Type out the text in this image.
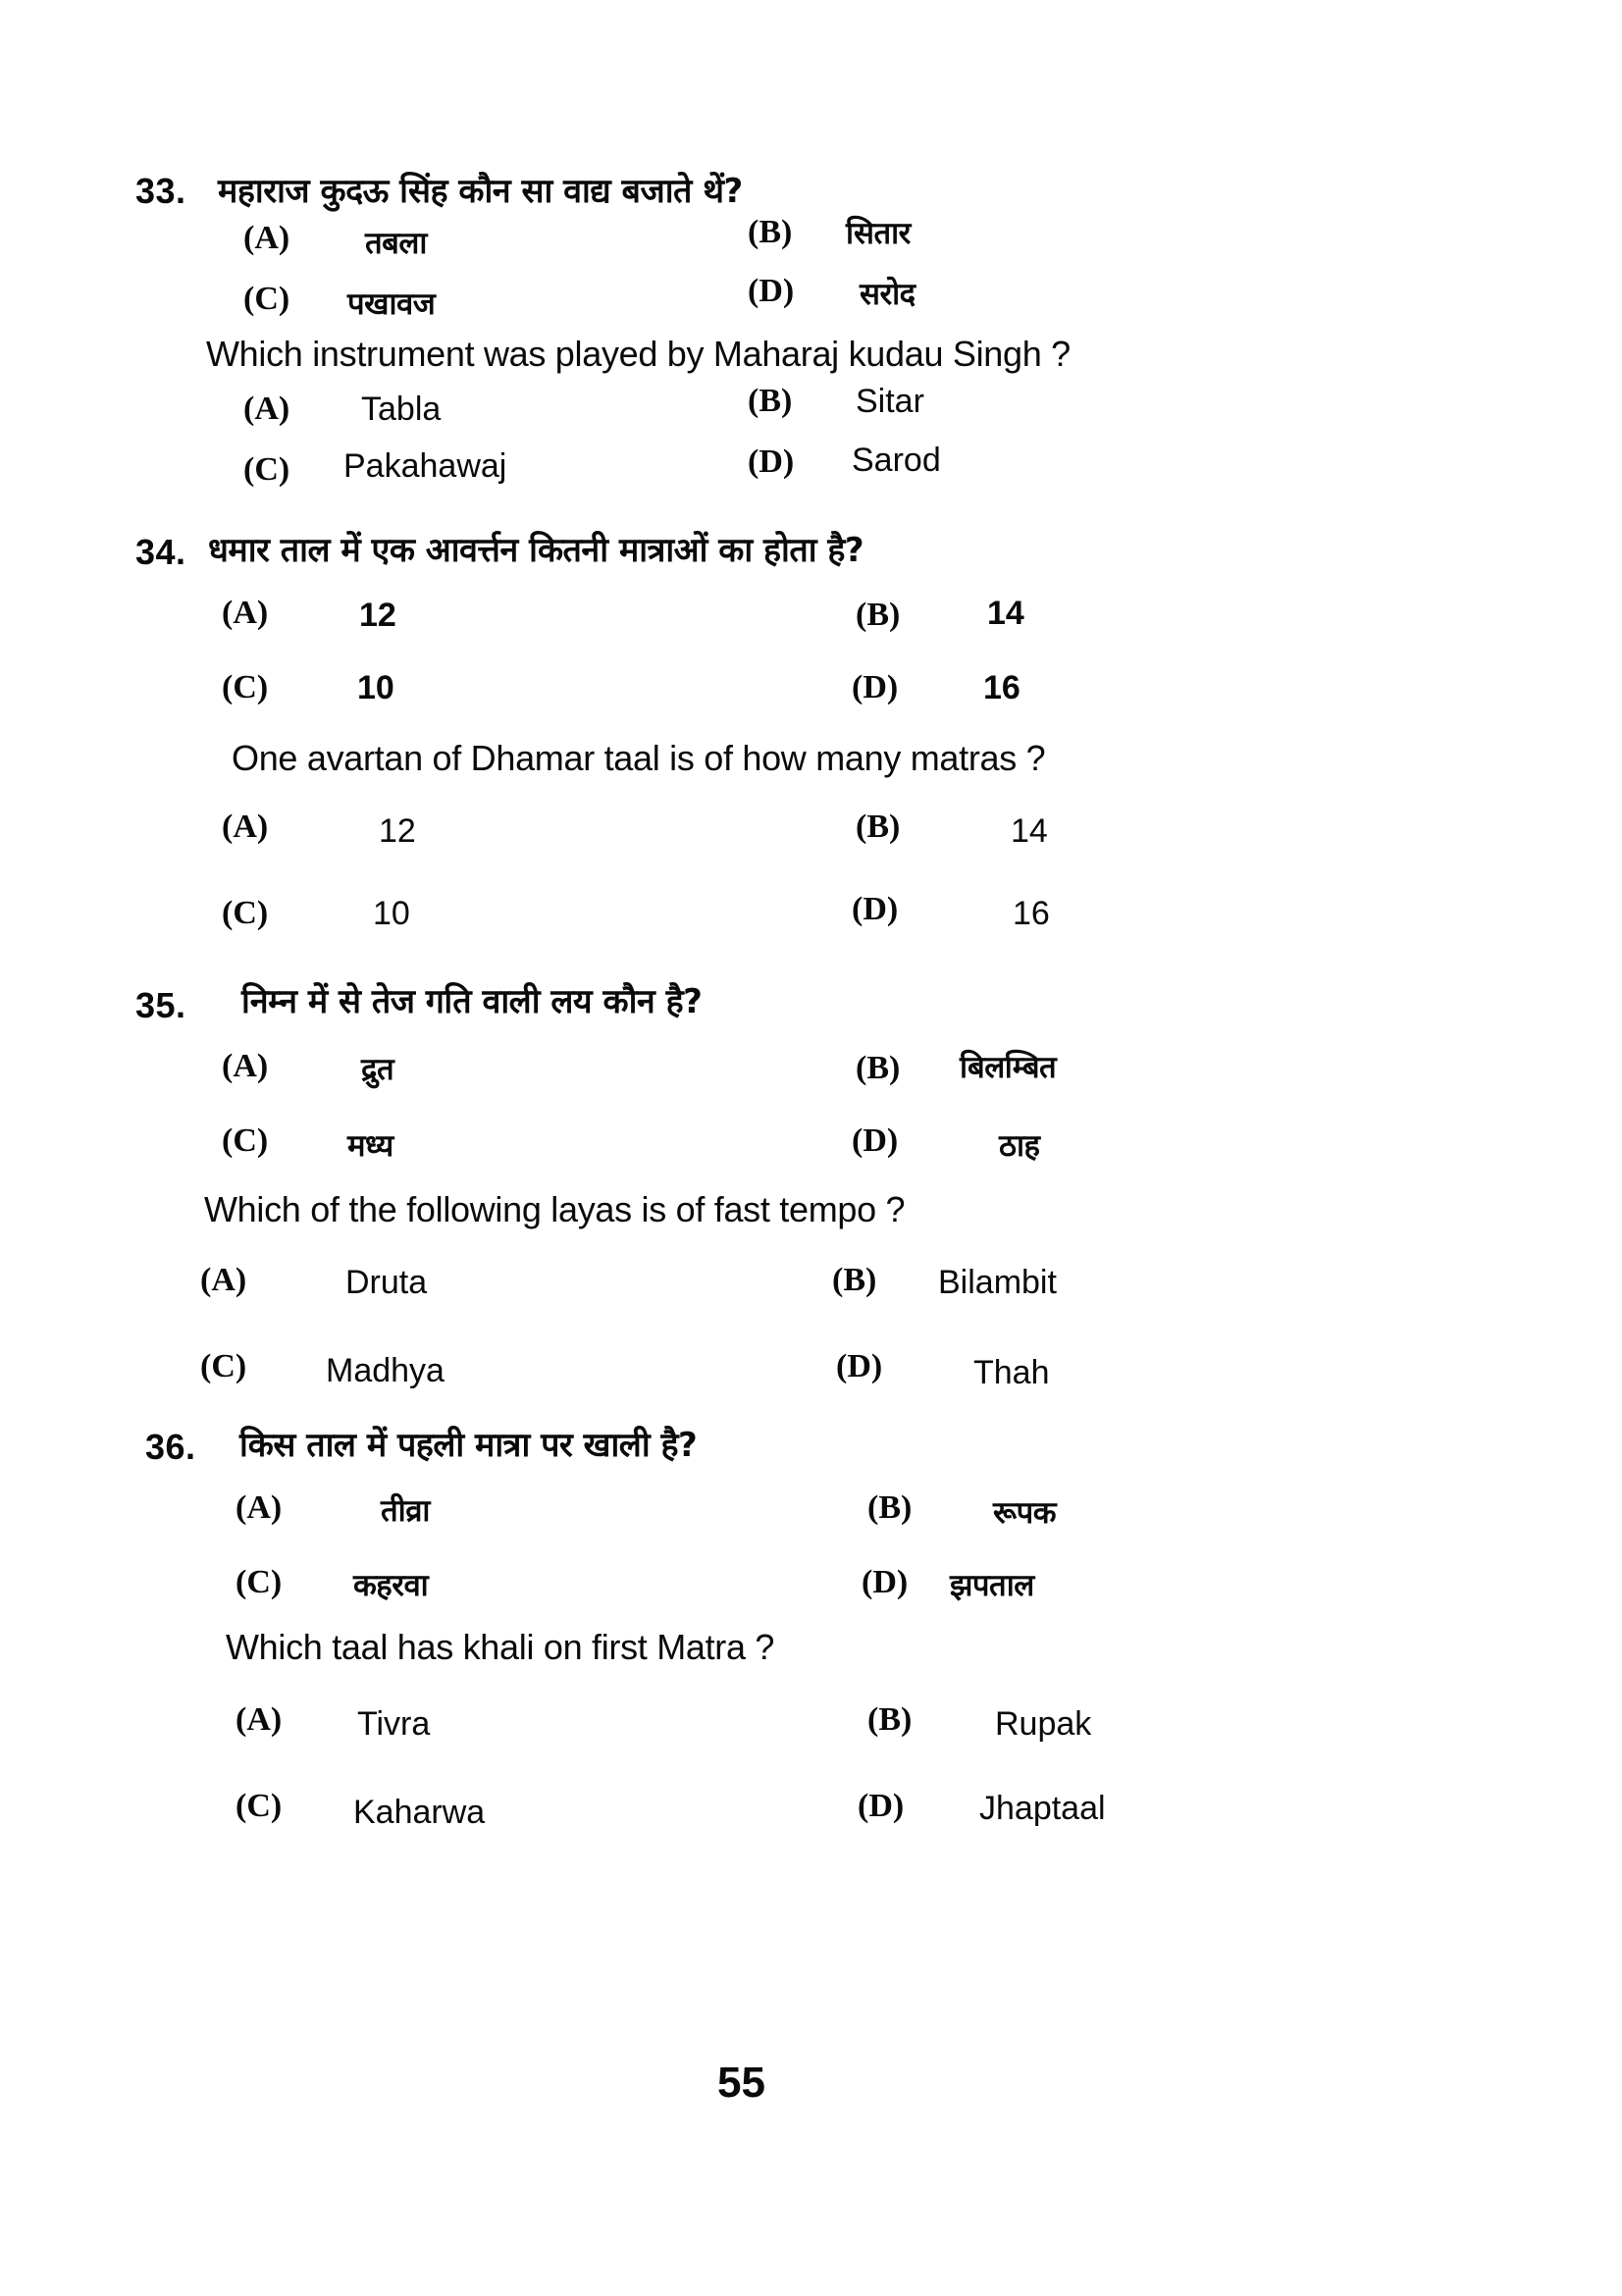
33. महाराज कुदऊ सिंह कौन सा वाद्य बजाते थें?
(A) तबला	(B) सितार
(C) पखावज	(D) सरोद
Which instrument was played by Maharaj kudau Singh ?
(A) Tabla	(B) Sitar
(C) Pakahawaj	(D) Sarod
34. धमार ताल में एक आवर्त्तन कितनी मात्राओं का होता है?
(A)	12	(B)	14
(C)	10	(D)	16
One avartan of Dhamar taal is of how many matras ?
(A)	12	(B)	14
(C)	10	(D)	16
35. निम्न में से तेज गति वाली लय कौन है?
(A)	द्रुत	(B) बिलम्बित
(C)	मध्य	(D)	ठाह
Which of the following layas is of fast tempo ?
(A)	Druta	(B) Bilambit
(C) Madhya	(D)	Thah
36. किस ताल में पहली मात्रा पर खाली है?
(A)	तीव्रा	(B)	रूपक
(C) कहरवा	(D) झपताल
Which taal has khali on first Matra ?
(A) Tivra	(B) Rupak
(C) Kaharwa	(D) Jhaptaal
55
